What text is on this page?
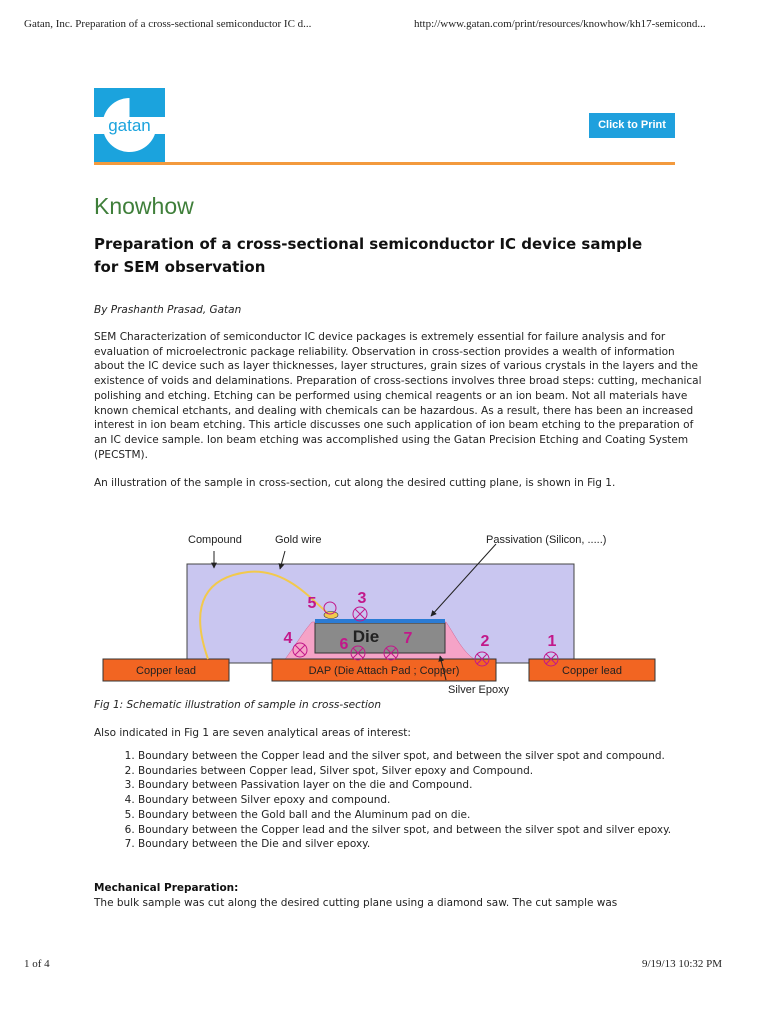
Gatan, Inc. Preparation of a cross-sectional semiconductor IC d...	http://www.gatan.com/print/resources/knowhow/kh17-semicond...
gatan	Click to Print
Knowhow
Preparation of a cross-sectional semiconductor IC device sample for SEM observation
By Prashanth Prasad, Gatan

SEM Characterization of semiconductor IC device packages is extremely essential for failure analysis and for evaluation of microelectronic package reliability. Observation in cross-section provides a wealth of information about the IC device such as layer thicknesses, layer structures, grain sizes of various crystals in the layers and the existence of voids and delaminations. Preparation of cross-sections involves three broad steps: cutting, mechanical polishing and etching. Etching can be performed using chemical reagents or an ion beam. Not all materials have known chemical etchants, and dealing with chemicals can be hazardous. As a result, there has been an increased interest in ion beam etching. This article discusses one such application of ion beam etching to the preparation of an IC device sample. Ion beam etching was accomplished using the Gatan Precision Etching and Coating System (PECSTM).

An illustration of the sample in cross-section, cut along the desired cutting plane, is shown in Fig 1.

Compound	Gold wire	Passivation (Silicon, .....)
Die
Copper lead	DAP (Die Attach Pad ; Copper)	Copper lead
Silver Epoxy
1
2
3
4
5
6	7
Fig 1: Schematic illustration of sample in cross-section

Also indicated in Fig 1 are seven analytical areas of interest:

1. Boundary between the Copper lead and the silver spot, and between the silver spot and compound.
2. Boundaries between Copper lead, Silver spot, Silver epoxy and Compound.
3. Boundary between Passivation layer on the die and Compound.
4. Boundary between Silver epoxy and compound.
5. Boundary between the Gold ball and the Aluminum pad on die.
6. Boundary between the Copper lead and the silver spot, and between the silver spot and silver epoxy.
7. Boundary between the Die and silver epoxy.
Mechanical Preparation:

The bulk sample was cut along the desired cutting plane using a diamond saw. The cut sample was

1 of 4	9/19/13 10:32 PM
